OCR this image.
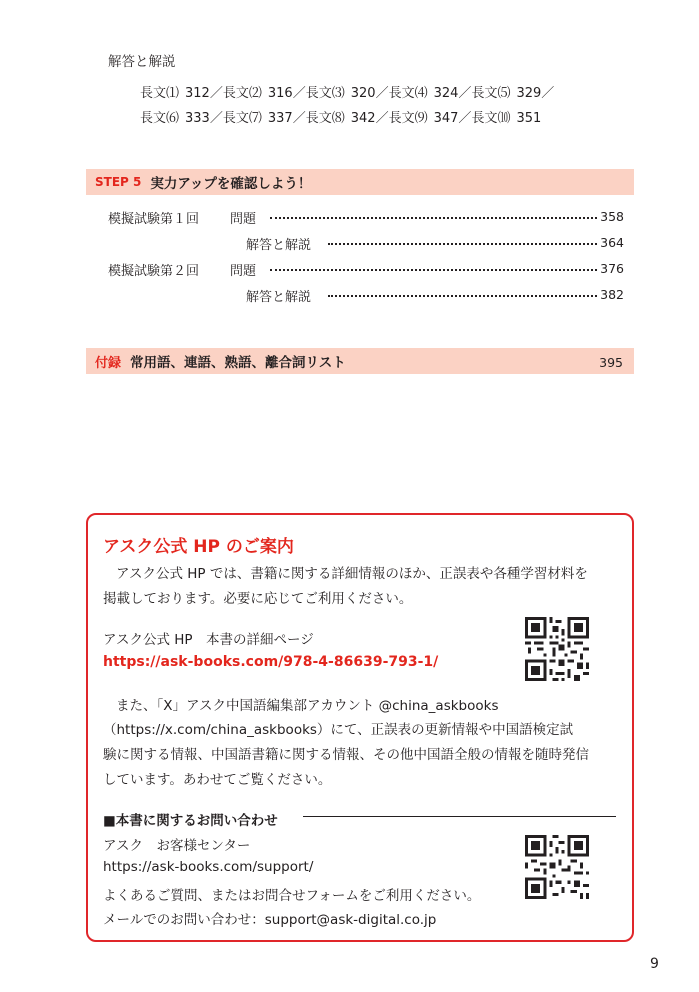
解答と解説
長文⑴ 312／長文⑵ 316／長文⑶ 320／長文⑷ 324／長文⑸ 329／
長文⑹ 333／長文⑺ 337／長文⑻ 342／長文⑼ 347／長文⑽ 351
STEP 5 実力アップを確認しよう！
模擬試験第１回 問題	358
解答と解説	364
模擬試験第２回 問題	376
解答と解説	382
付録 常用語、連語、熟語、離合詞リスト	395
アスク公式 HP のご案内
アスク公式 HP では、書籍に関する詳細情報のほか、正誤表や各種学習材料を
掲載しております。必要に応じてご利用ください。
アスク公式 HP　本書の詳細ページ
https://ask-books.com/978-4-86639-793-1/
また、「X」アスク中国語編集部アカウント @china_askbooks
（https://x.com/china_askbooks）にて、正誤表の更新情報や中国語検定試
験に関する情報、中国語書籍に関する情報、その他中国語全般の情報を随時発信
しています。あわせてご覧ください。
■本書に関するお問い合わせ
アスク　お客様センター
https://ask-books.com/support/
よくあるご質問、またはお問合せフォームをご利用ください。
メールでのお問い合わせ：support@ask-digital.co.jp
9
